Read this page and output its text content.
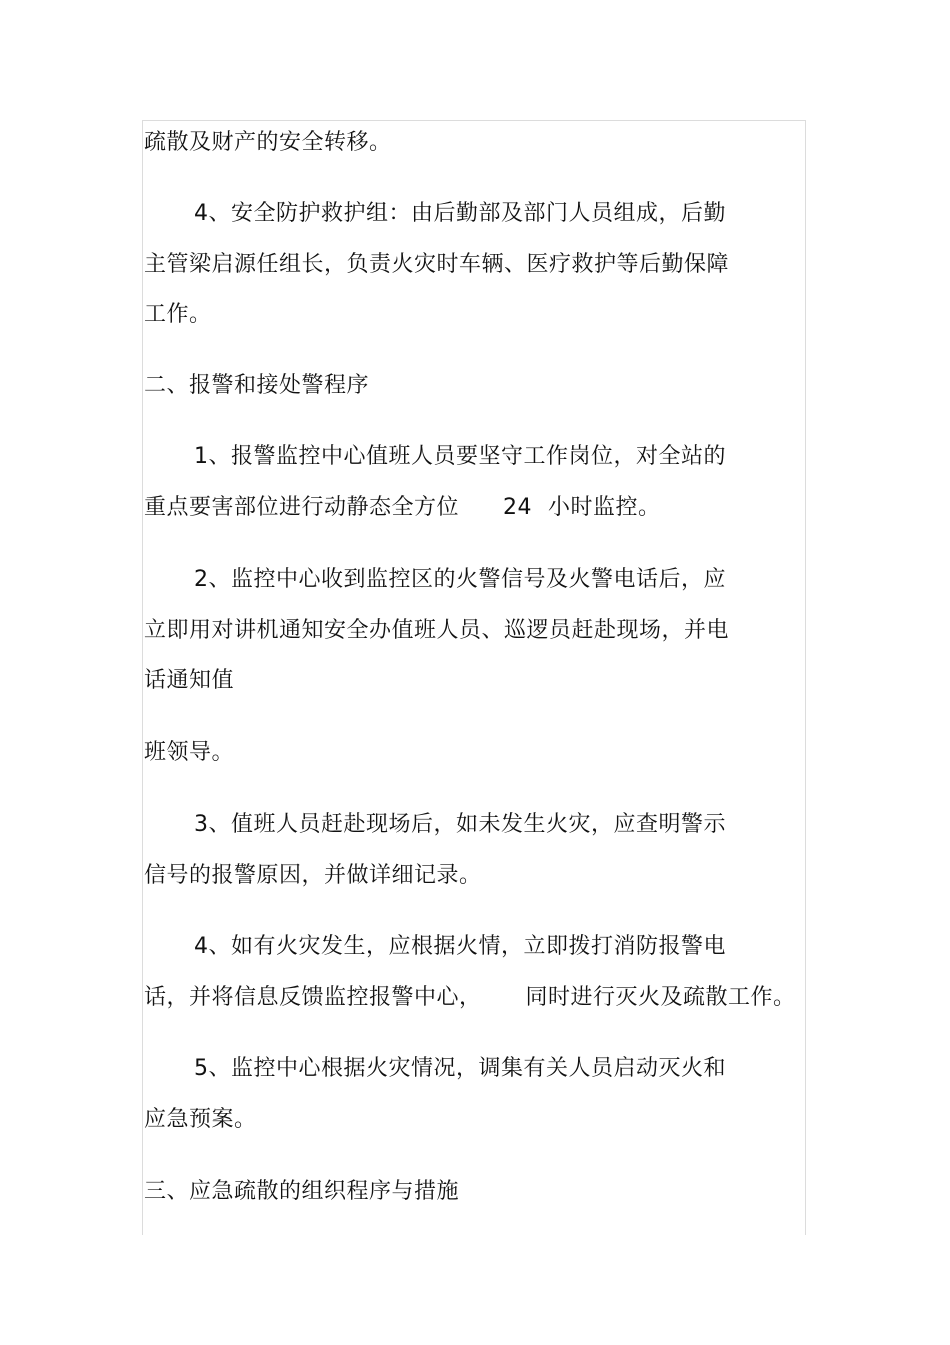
疏散及财产的安全转移。
4、安全防护救护组：由后勤部及部门人员组成，后勤
主管梁启源任组长，负责火灾时车辆、医疗救护等后勤保障
工作。
二、报警和接处警程序
1、报警监控中心值班人员要坚守工作岗位，对全站的
重点要害部位进行动静态全方位 24 小时监控。
2、监控中心收到监控区的火警信号及火警电话后，应
立即用对讲机通知安全办值班人员、巡逻员赶赴现场，并电
话通知值
班领导。
3、值班人员赶赴现场后，如未发生火灾，应查明警示
信号的报警原因，并做详细记录。
4、如有火灾发生，应根据火情，立即拨打消防报警电
话，并将信息反馈监控报警中心， 同时进行灭火及疏散工作。
5、监控中心根据火灾情况，调集有关人员启动灭火和
应急预案。
三、应急疏散的组织程序与措施
